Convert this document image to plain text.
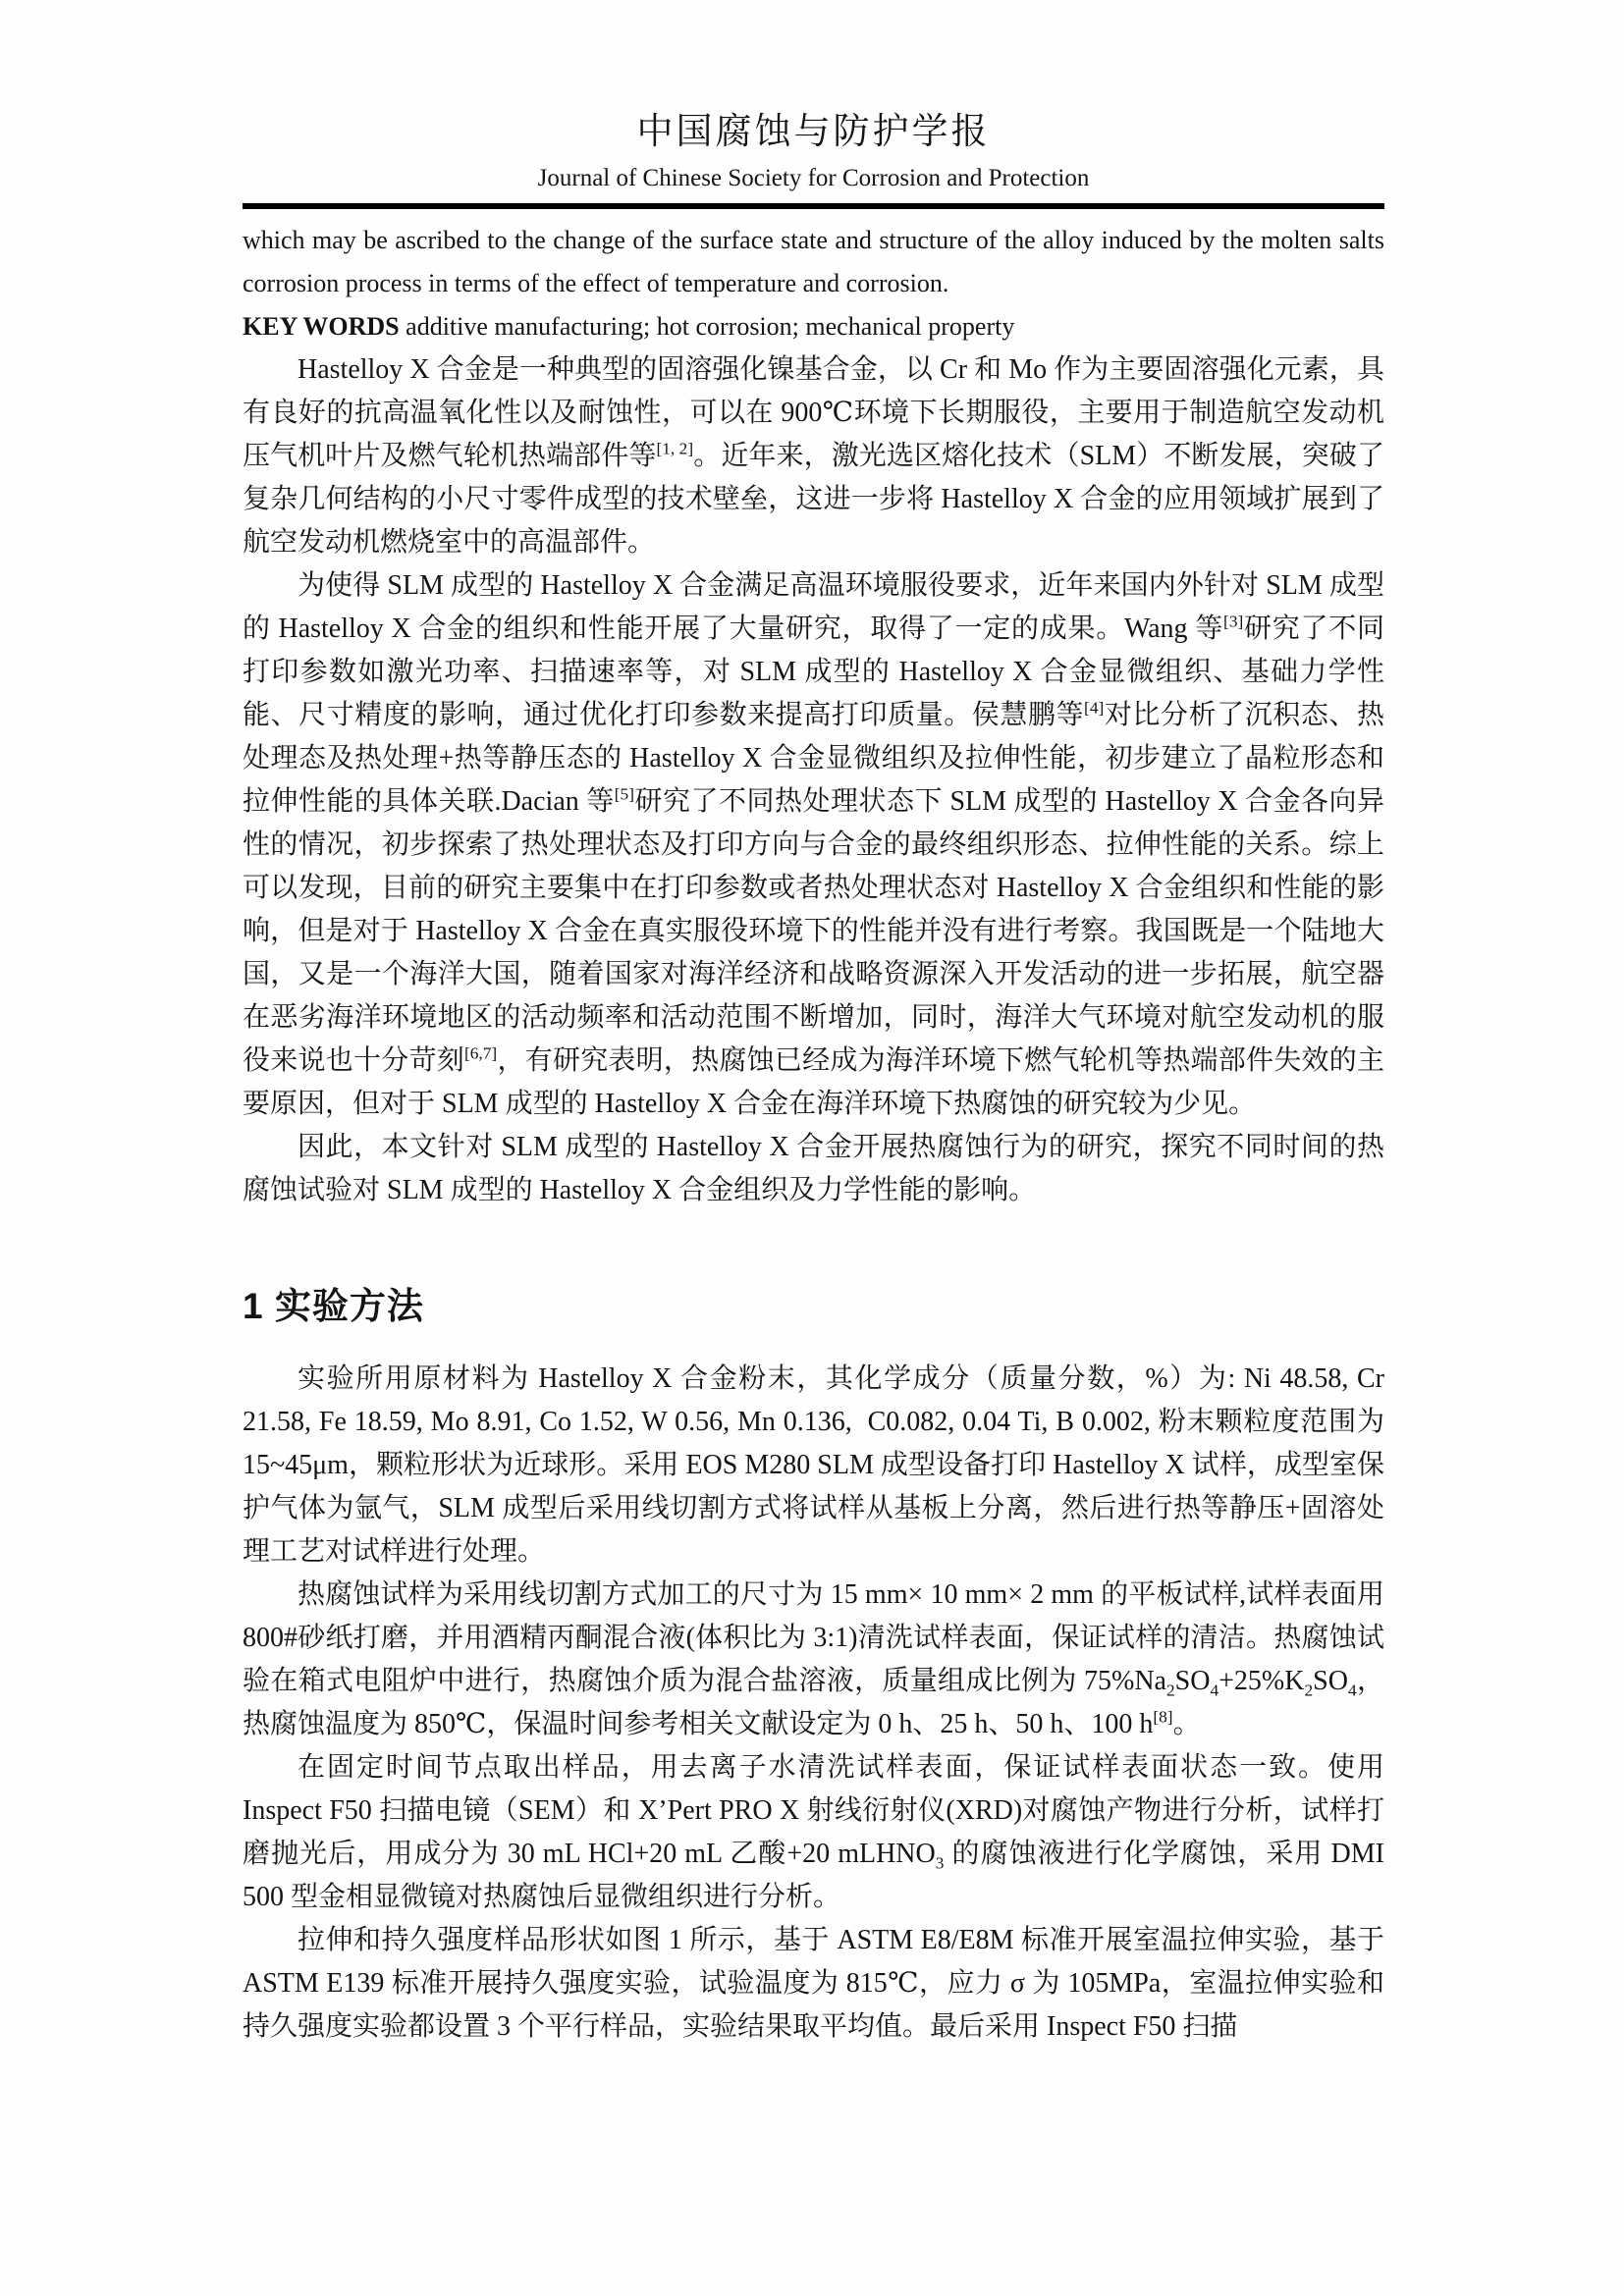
中国腐蚀与防护学报
Journal of Chinese Society for Corrosion and Protection

which may be ascribed to the change of the surface state and structure of the alloy induced by the molten salts corrosion process in terms of the effect of temperature and corrosion.

KEY WORDS additive manufacturing; hot corrosion; mechanical property

Hastelloy X 合金是一种典型的固溶强化镍基合金，以 Cr 和 Mo 作为主要固溶强化元素，具有良好的抗高温氧化性以及耐蚀性，可以在 900℃环境下长期服役，主要用于制造航空发动机压气机叶片及燃气轮机热端部件等[1, 2]。近年来，激光选区熔化技术（SLM）不断发展，突破了复杂几何结构的小尺寸零件成型的技术壁垒，这进一步将 Hastelloy X 合金的应用领域扩展到了航空发动机燃烧室中的高温部件。

为使得 SLM 成型的 Hastelloy X 合金满足高温环境服役要求，近年来国内外针对 SLM 成型的 Hastelloy X 合金的组织和性能开展了大量研究，取得了一定的成果。Wang 等[3]研究了不同打印参数如激光功率、扫描速率等，对 SLM 成型的 Hastelloy X 合金显微组织、基础力学性能、尺寸精度的影响，通过优化打印参数来提高打印质量。侯慧鹏等[4]对比分析了沉积态、热处理态及热处理+热等静压态的 Hastelloy X 合金显微组织及拉伸性能，初步建立了晶粒形态和拉伸性能的具体关联.Dacian 等[5]研究了不同热处理状态下 SLM 成型的 Hastelloy X 合金各向异性的情况，初步探索了热处理状态及打印方向与合金的最终组织形态、拉伸性能的关系。综上可以发现，目前的研究主要集中在打印参数或者热处理状态对 Hastelloy X 合金组织和性能的影响，但是对于 Hastelloy X 合金在真实服役环境下的性能并没有进行考察。我国既是一个陆地大国，又是一个海洋大国，随着国家对海洋经济和战略资源深入开发活动的进一步拓展，航空器在恶劣海洋环境地区的活动频率和活动范围不断增加，同时，海洋大气环境对航空发动机的服役来说也十分苛刻[6,7]，有研究表明，热腐蚀已经成为海洋环境下燃气轮机等热端部件失效的主要原因，但对于 SLM 成型的 Hastelloy X 合金在海洋环境下热腐蚀的研究较为少见。

因此，本文针对 SLM 成型的 Hastelloy X 合金开展热腐蚀行为的研究，探究不同时间的热腐蚀试验对 SLM 成型的 Hastelloy X 合金组织及力学性能的影响。

1 实验方法

实验所用原材料为 Hastelloy X 合金粉末，其化学成分（质量分数，%）为: Ni 48.58, Cr 21.58, Fe 18.59, Mo 8.91, Co 1.52, W 0.56, Mn 0.136,  C0.082, 0.04 Ti, B 0.002, 粉末颗粒度范围为 15~45μm，颗粒形状为近球形。采用 EOS M280 SLM 成型设备打印 Hastelloy X 试样，成型室保护气体为氩气，SLM 成型后采用线切割方式将试样从基板上分离，然后进行热等静压+固溶处理工艺对试样进行处理。

热腐蚀试样为采用线切割方式加工的尺寸为 15 mm× 10 mm× 2 mm 的平板试样,试样表面用 800#砂纸打磨，并用酒精丙酮混合液(体积比为 3:1)清洗试样表面，保证试样的清洁。热腐蚀试验在箱式电阻炉中进行，热腐蚀介质为混合盐溶液，质量组成比例为 $75\%Na_2SO_4+25\%K_2SO_4$，热腐蚀温度为 850℃，保温时间参考相关文献设定为 0 h、25 h、50 h、100 h[8]。

在固定时间节点取出样品，用去离子水清洗试样表面，保证试样表面状态一致。使用 Inspect F50 扫描电镜（SEM）和 X’Pert PRO X 射线衍射仪(XRD)对腐蚀产物进行分析，试样打磨抛光后，用成分为 30 mL HCl+20 mL 乙酸+20 mLHNO$_3$ 的腐蚀液进行化学腐蚀，采用 DMI 500 型金相显微镜对热腐蚀后显微组织进行分析。

拉伸和持久强度样品形状如图 1 所示，基于 ASTM E8/E8M 标准开展室温拉伸实验，基于 ASTM E139 标准开展持久强度实验，试验温度为 815℃，应力 σ 为 105MPa，室温拉伸实验和持久强度实验都设置 3 个平行样品，实验结果取平均值。最后采用 Inspect F50 扫描
